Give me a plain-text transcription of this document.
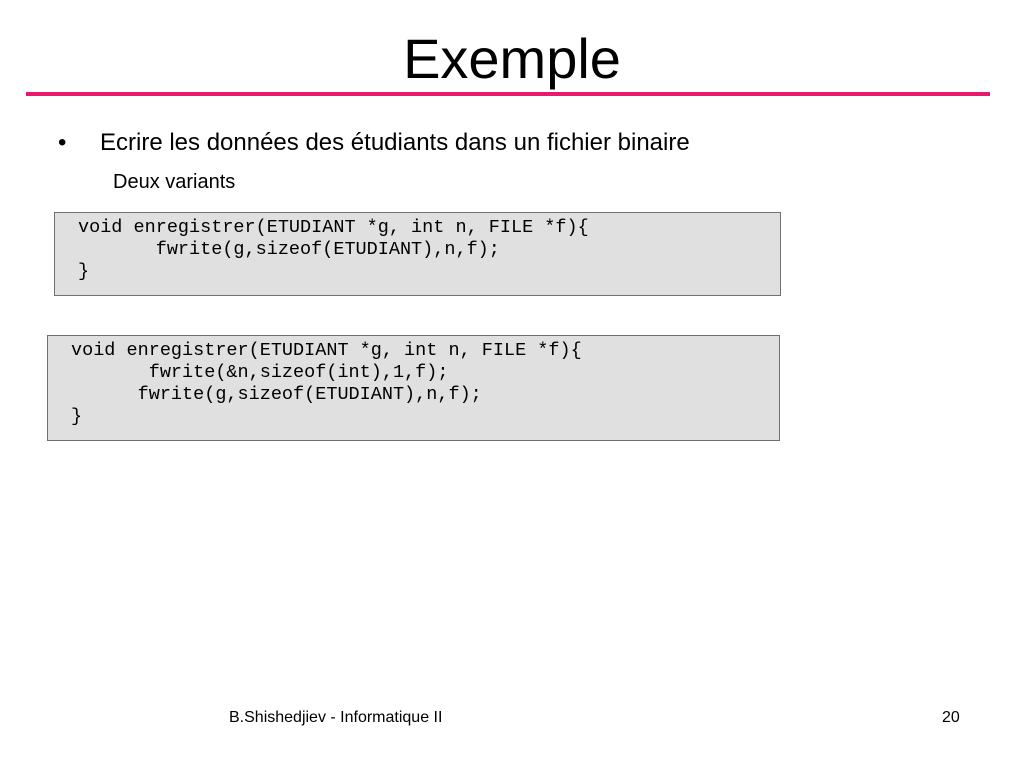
Exemple
• Ecrire les données des étudiants dans un fichier binaire
Deux variants
void enregistrer(ETUDIANT *g, int n, FILE *f){
fwrite(g,sizeof(ETUDIANT),n,f);
}
void enregistrer(ETUDIANT *g, int n, FILE *f){
fwrite(&n,sizeof(int),1,f);
fwrite(g,sizeof(ETUDIANT),n,f);
}
B.Shishedjiev - Informatique II	20
